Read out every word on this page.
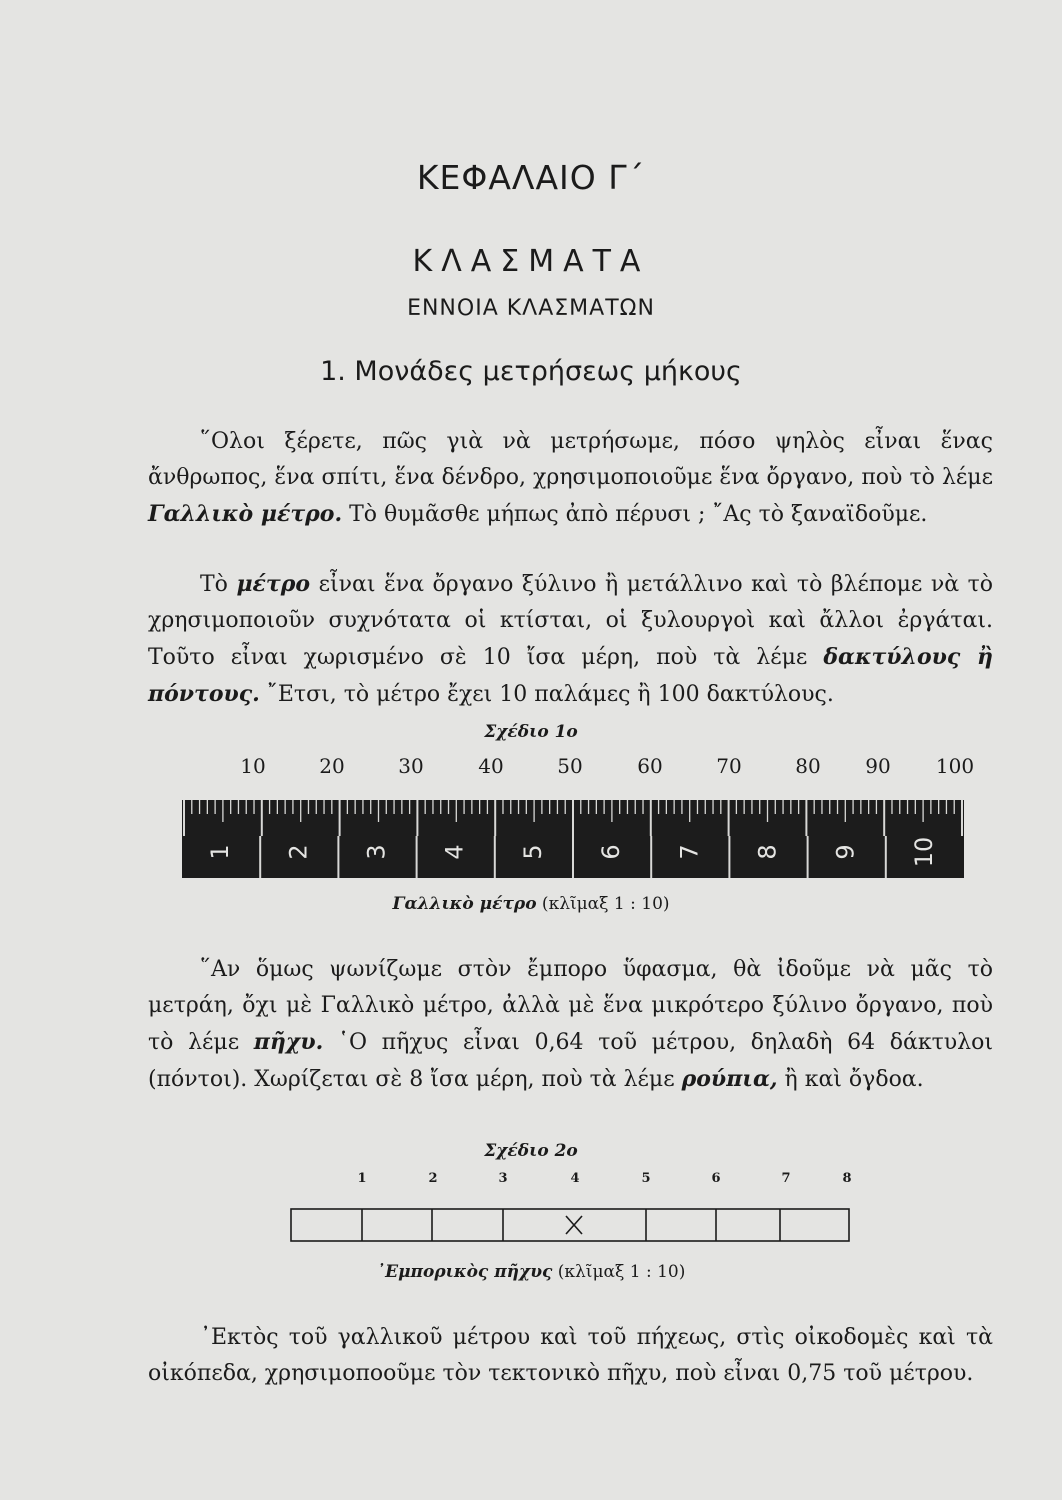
ΚΕΦΑΛΑΙΟ Γ΄
ΚΛΑΣΜΑΤΑ
ΕΝΝΟΙΑ ΚΛΑΣΜΑΤΩΝ
1. Μονάδες μετρήσεως μήκους
῞Ολοι ξέρετε, πῶς γιὰ νὰ μετρήσωμε, πόσο ψηλὸς εἶναι ἕνας ἄνθρωπος, ἕνα σπίτι, ἕνα δένδρο, χρησιμοποιοῦμε ἕνα ὄργανο, ποὺ τὸ λέμε Γαλλικὸ μέτρο. Τὸ θυμᾶσθε μήπως ἀπὸ πέρυσι ; ῎Ας τὸ ξαναϊδοῦμε.
Τὸ μέτρο εἶναι ἕνα ὄργανο ξύλινο ἢ μετάλλινο καὶ τὸ βλέπομε νὰ τὸ χρησιμοποιοῦν συχνότατα οἱ κτίσται, οἱ ξυλουργοὶ καὶ ἄλλοι ἐργάται. Τοῦτο εἶναι χωρισμένο σὲ 10 ἴσα μέρη, ποὺ τὰ λέμε δακτύλους ἢ πόντους. ῎Ετσι, τὸ μέτρο ἔχει 10 παλάμες ἢ 100 δακτύλους.
Σχέδιο 1ο
10	20	30	40	50	60	70	80 90 100
1 2 3 4 5 6 7 8 9 10
Γαλλικὸ μέτρο (κλῖμαξ 1 : 10)
῞Αν ὅμως ψωνίζωμε στὸν ἔμπορο ὕφασμα, θὰ ἰδοῦμε νὰ μᾶς τὸ μετράη, ὄχι μὲ Γαλλικὸ μέτρο, ἀλλὰ μὲ ἕνα μικρότερο ξύλινο ὄργανο, ποὺ τὸ λέμε πῆχυ. ῾Ο πῆχυς εἶναι 0,64 τοῦ μέτρου, δηλαδὴ 64 δάκτυλοι (πόντοι). Χωρίζεται σὲ 8 ἴσα μέρη, ποὺ τὰ λέμε ρούπια, ἢ καὶ ὄγδοα.
Σχέδιο 2ο
1	2	3	4	5	6	7	8
᾿Εμπορικὸς πῆχυς (κλῖμαξ 1 : 10)
᾿Εκτὸς τοῦ γαλλικοῦ μέτρου καὶ τοῦ πήχεως, στὶς οἰκοδομὲς καὶ τὰ οἰκόπεδα, χρησιμοποοῦμε τὸν τεκτονικὸ πῆχυ, ποὺ εἶναι 0,75 τοῦ μέτρου.
